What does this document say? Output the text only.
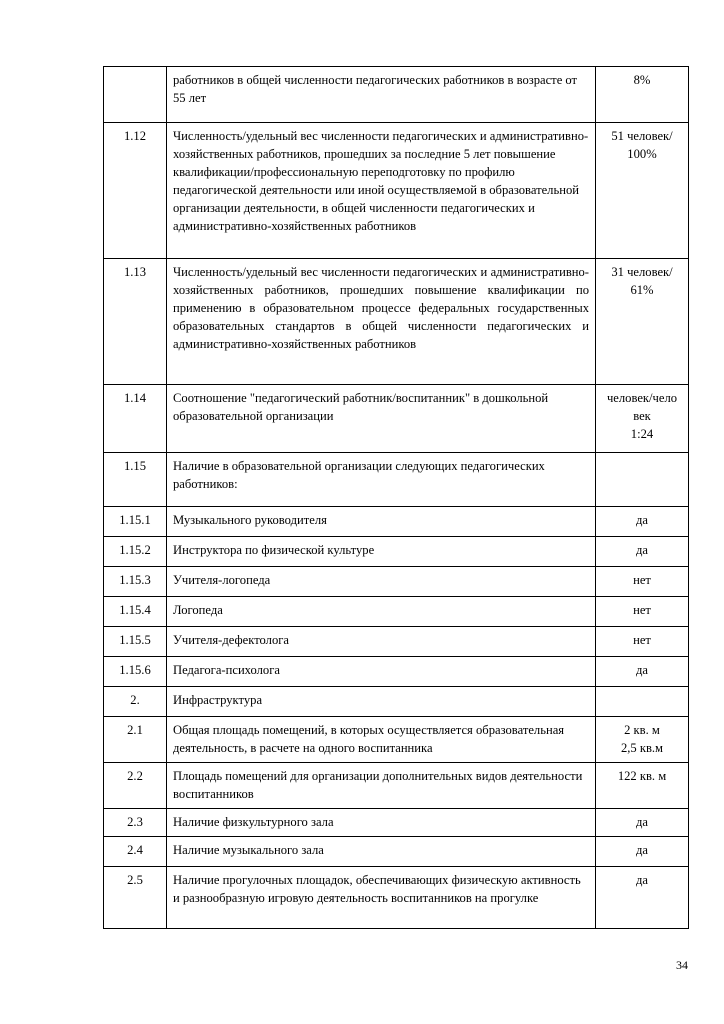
	работников в общей численности педагогических работников в возрасте от 55 лет	8%

1.12	Численность/удельный вес численности педагогических и административно-хозяйственных работников, прошедших за последние 5 лет повышение квалификации/профессиональную переподготовку по профилю педагогической деятельности или иной осуществляемой в образовательной организации деятельности, в общей численности педагогических и административно-хозяйственных работников	51 человек/
100%

1.13	Численность/удельный вес численности педагогических и административно-хозяйственных работников, прошедших повышение квалификации по применению в образовательном процессе федеральных государственных образовательных стандартов в общей численности педагогических и административно-хозяйственных работников	31 человек/
61%

1.14	Соотношение "педагогический работник/воспитанник" в дошкольной образовательной организации	человек/чело
век
1:24

1.15	Наличие в образовательной организации следующих педагогических работников:	
1.15.1	Музыкального руководителя	да

1.15.2	Инструктора по физической культуре	да

1.15.3	Учителя-логопеда	нет

1.15.4	Логопеда	нет

1.15.5	Учителя-дефектолога	нет

1.15.6	Педагога-психолога	да

2.	Инфраструктура	
2.1	Общая площадь помещений, в которых осуществляется образовательная деятельность, в расчете на одного воспитанника	2 кв. м
2,5 кв.м

2.2	Площадь помещений для организации дополнительных видов деятельности воспитанников	122 кв. м

2.3	Наличие физкультурного зала	да

2.4	Наличие музыкального зала	да

2.5	Наличие прогулочных площадок, обеспечивающих физическую активность и разнообразную игровую деятельность воспитанников на прогулке	да
34
